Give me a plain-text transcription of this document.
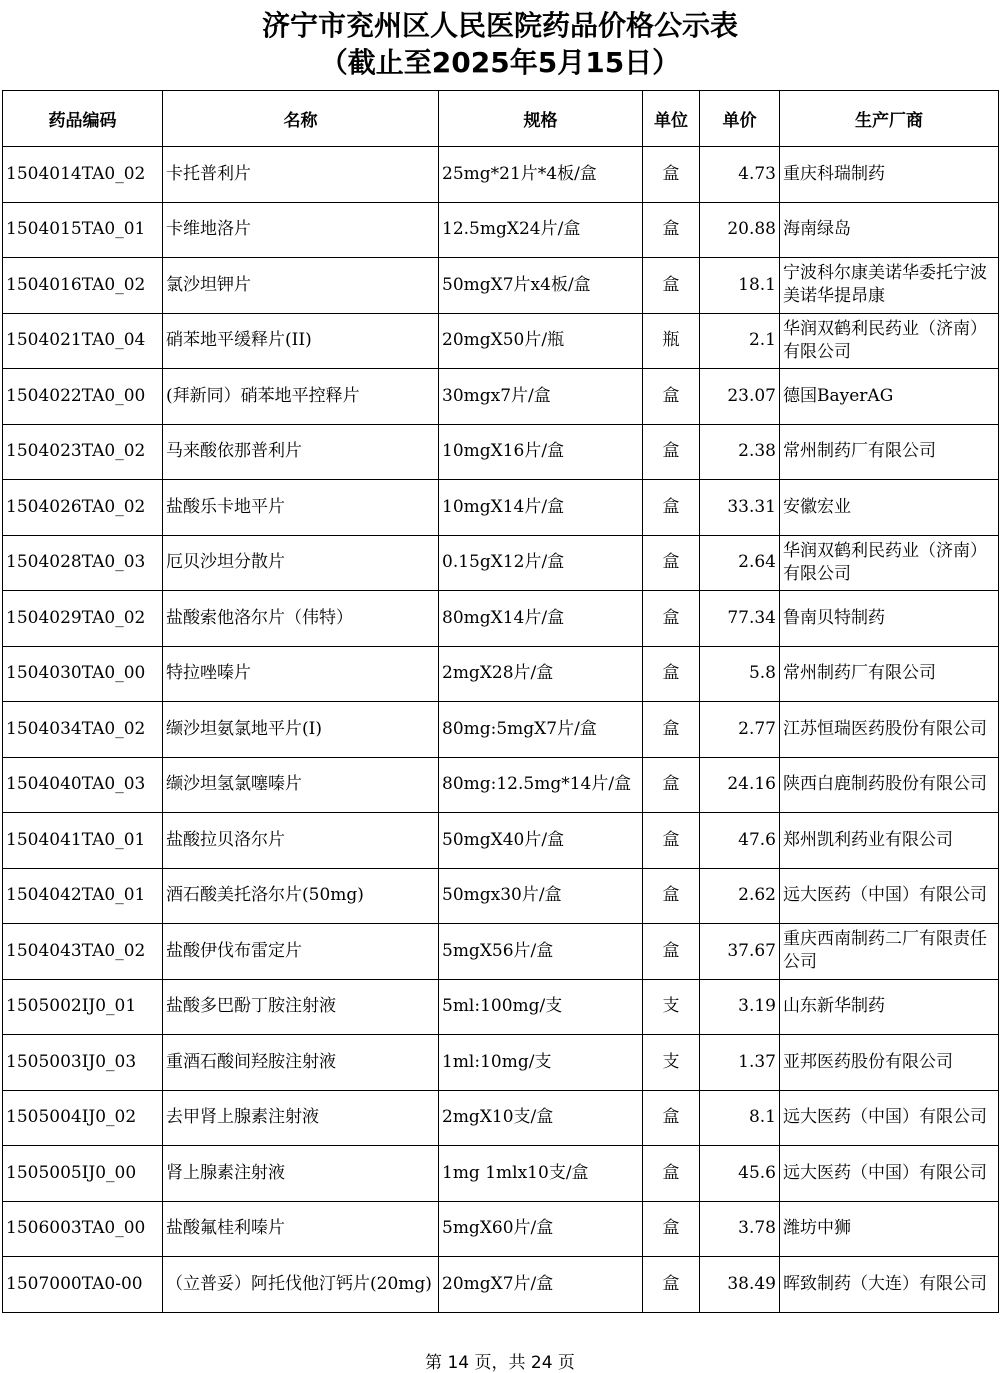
济宁市兖州区人民医院药品价格公示表
（截止至2025年5月15日）
药品编码	名称	规格	单位	单价	生产厂商
1504014TA0_02	卡托普利片	25mg*21片*4板/盒	盒	4.73	重庆科瑞制药
1504015TA0_01	卡维地洛片	12.5mgX24片/盒	盒	20.88	海南绿岛
1504016TA0_02	氯沙坦钾片	50mgX7片x4板/盒	盒	18.1	宁波科尔康美诺华委托宁波美诺华提昂康
1504021TA0_04	硝苯地平缓释片(II)	20mgX50片/瓶	瓶	2.1	华润双鹤利民药业（济南）有限公司
1504022TA0_00	(拜新同）硝苯地平控释片	30mgx7片/盒	盒	23.07	德国BayerAG
1504023TA0_02	马来酸依那普利片	10mgX16片/盒	盒	2.38	常州制药厂有限公司
1504026TA0_02	盐酸乐卡地平片	10mgX14片/盒	盒	33.31	安徽宏业
1504028TA0_03	厄贝沙坦分散片	0.15gX12片/盒	盒	2.64	华润双鹤利民药业（济南）有限公司
1504029TA0_02	盐酸索他洛尔片（伟特）	80mgX14片/盒	盒	77.34	鲁南贝特制药
1504030TA0_00	特拉唑嗪片	2mgX28片/盒	盒	5.8	常州制药厂有限公司
1504034TA0_02	缬沙坦氨氯地平片(I)	80mg:5mgX7片/盒	盒	2.77	江苏恒瑞医药股份有限公司
1504040TA0_03	缬沙坦氢氯噻嗪片	80mg:12.5mg*14片/盒	盒	24.16	陕西白鹿制药股份有限公司
1504041TA0_01	盐酸拉贝洛尔片	50mgX40片/盒	盒	47.6	郑州凯利药业有限公司
1504042TA0_01	酒石酸美托洛尔片(50mg)	50mgx30片/盒	盒	2.62	远大医药（中国）有限公司
1504043TA0_02	盐酸伊伐布雷定片	5mgX56片/盒	盒	37.67	重庆西南制药二厂有限责任公司
1505002IJ0_01	盐酸多巴酚丁胺注射液	5ml:100mg/支	支	3.19	山东新华制药
1505003IJ0_03	重酒石酸间羟胺注射液	1ml:10mg/支	支	1.37	亚邦医药股份有限公司
1505004IJ0_02	去甲肾上腺素注射液	2mgX10支/盒	盒	8.1	远大医药（中国）有限公司
1505005IJ0_00	肾上腺素注射液	1mg 1mlx10支/盒	盒	45.6	远大医药（中国）有限公司
1506003TA0_00	盐酸氟桂利嗪片	5mgX60片/盒	盒	3.78	潍坊中狮
1507000TA0-00	（立普妥）阿托伐他汀钙片(20mg)	20mgX7片/盒	盒	38.49	晖致制药（大连）有限公司
第 14 页，共 24 页
